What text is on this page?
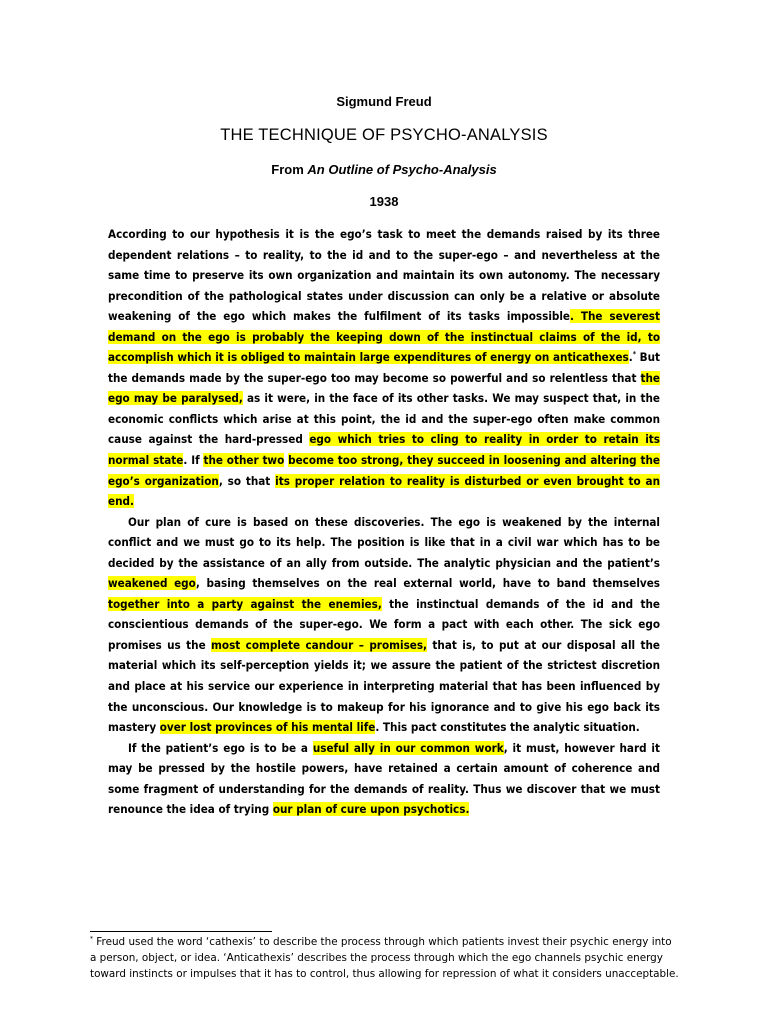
Sigmund Freud
THE TECHNIQUE OF PSYCHO-ANALYSIS
From An Outline of Psycho-Analysis
1938

According to our hypothesis it is the ego’s task to meet the demands raised by its three dependent relations – to reality, to the id and to the super-ego – and nevertheless at the same time to preserve its own organization and maintain its own autonomy. The necessary precondition of the pathological states under discussion can only be a relative or absolute weakening of the ego which makes the fulfilment of its tasks impossible. The severest demand on the ego is probably the keeping down of the instinctual claims of the id, to accomplish which it is obliged to maintain large expenditures of energy on anticathexes.* But the demands made by the super-ego too may become so powerful and so relentless that the ego may be paralysed, as it were, in the face of its other tasks. We may suspect that, in the economic conflicts which arise at this point, the id and the super-ego often make common cause against the hard-pressed ego which tries to cling to reality in order to retain its normal state. If the other two become too strong, they succeed in loosening and altering the ego’s organization, so that its proper relation to reality is disturbed or even brought to an end.

Our plan of cure is based on these discoveries. The ego is weakened by the internal conflict and we must go to its help. The position is like that in a civil war which has to be decided by the assistance of an ally from outside. The analytic physician and the patient’s weakened ego, basing themselves on the real external world, have to band themselves together into a party against the enemies, the instinctual demands of the id and the conscientious demands of the super-ego. We form a pact with each other. The sick ego promises us the most complete candour – promises, that is, to put at our disposal all the material which its self-perception yields it; we assure the patient of the strictest discretion and place at his service our experience in interpreting material that has been influenced by the unconscious. Our knowledge is to makeup for his ignorance and to give his ego back its mastery over lost provinces of his mental life. This pact constitutes the analytic situation.

If the patient’s ego is to be a useful ally in our common work, it must, however hard it may be pressed by the hostile powers, have retained a certain amount of coherence and some fragment of understanding for the demands of reality. Thus we discover that we must renounce the idea of trying our plan of cure upon psychotics.

* Freud used the word ‘cathexis’ to describe the process through which patients invest their psychic energy into a person, object, or idea. ‘Anticathexis’ describes the process through which the ego channels psychic energy toward instincts or impulses that it has to control, thus allowing for repression of what it considers unacceptable.
